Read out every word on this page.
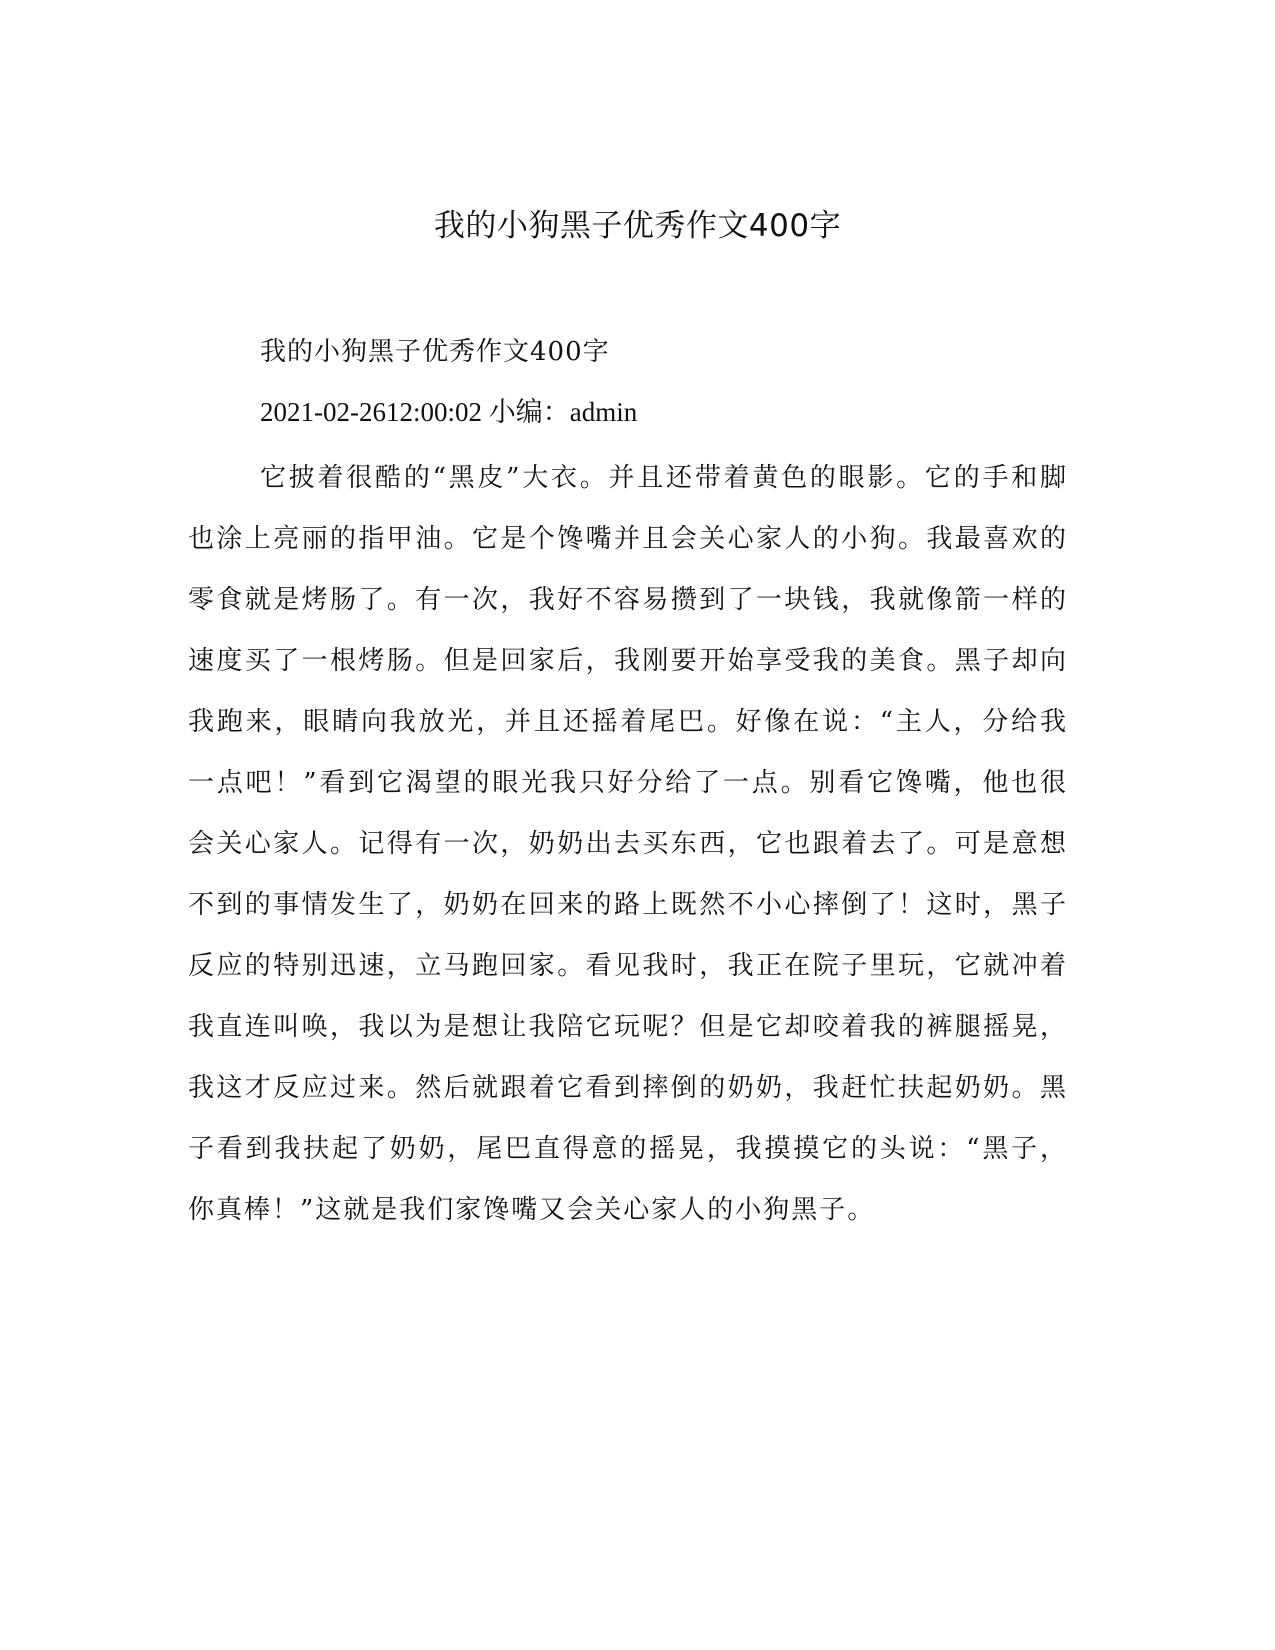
我的小狗黑子优秀作文400字

我的小狗黑子优秀作文400字

2021-02-2612:00:02 小编：admin

它披着很酷的“黑皮”大衣。并且还带着黄色的眼影。它的手和脚也涂上亮丽的指甲油。它是个馋嘴并且会关心家人的小狗。我最喜欢的零食就是烤肠了。有一次，我好不容易攒到了一块钱，我就像箭一样的速度买了一根烤肠。但是回家后，我刚要开始享受我的美食。黑子却向我跑来，眼睛向我放光，并且还摇着尾巴。好像在说：“主人，分给我一点吧！”看到它渴望的眼光我只好分给了一点。别看它馋嘴，他也很会关心家人。记得有一次，奶奶出去买东西，它也跟着去了。可是意想不到的事情发生了，奶奶在回来的路上既然不小心摔倒了！这时，黑子反应的特别迅速，立马跑回家。看见我时，我正在院子里玩，它就冲着我直连叫唤，我以为是想让我陪它玩呢？但是它却咬着我的裤腿摇晃，我这才反应过来。然后就跟着它看到摔倒的奶奶，我赶忙扶起奶奶。黑子看到我扶起了奶奶，尾巴直得意的摇晃，我摸摸它的头说：“黑子，你真棒！”这就是我们家馋嘴又会关心家人的小狗黑子。
